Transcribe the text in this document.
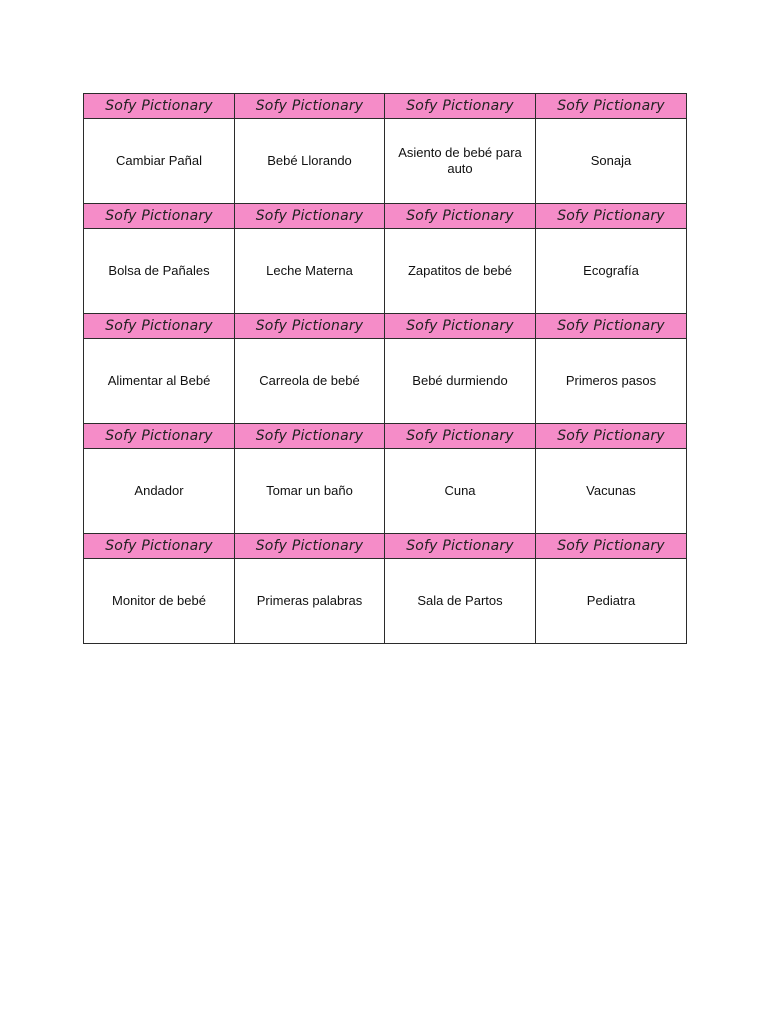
Sofy Pictionary	Sofy Pictionary	Sofy Pictionary	Sofy Pictionary
Cambiar Pañal	Bebé Llorando	Asiento de bebé para auto	Sonaja
Sofy Pictionary	Sofy Pictionary	Sofy Pictionary	Sofy Pictionary
Bolsa de Pañales	Leche Materna	Zapatitos de bebé	Ecografía
Sofy Pictionary	Sofy Pictionary	Sofy Pictionary	Sofy Pictionary
Alimentar al Bebé	Carreola de bebé	Bebé durmiendo	Primeros pasos
Sofy Pictionary	Sofy Pictionary	Sofy Pictionary	Sofy Pictionary
Andador	Tomar un baño	Cuna	Vacunas
Sofy Pictionary	Sofy Pictionary	Sofy Pictionary	Sofy Pictionary
Monitor de bebé	Primeras palabras	Sala de Partos	Pediatra
